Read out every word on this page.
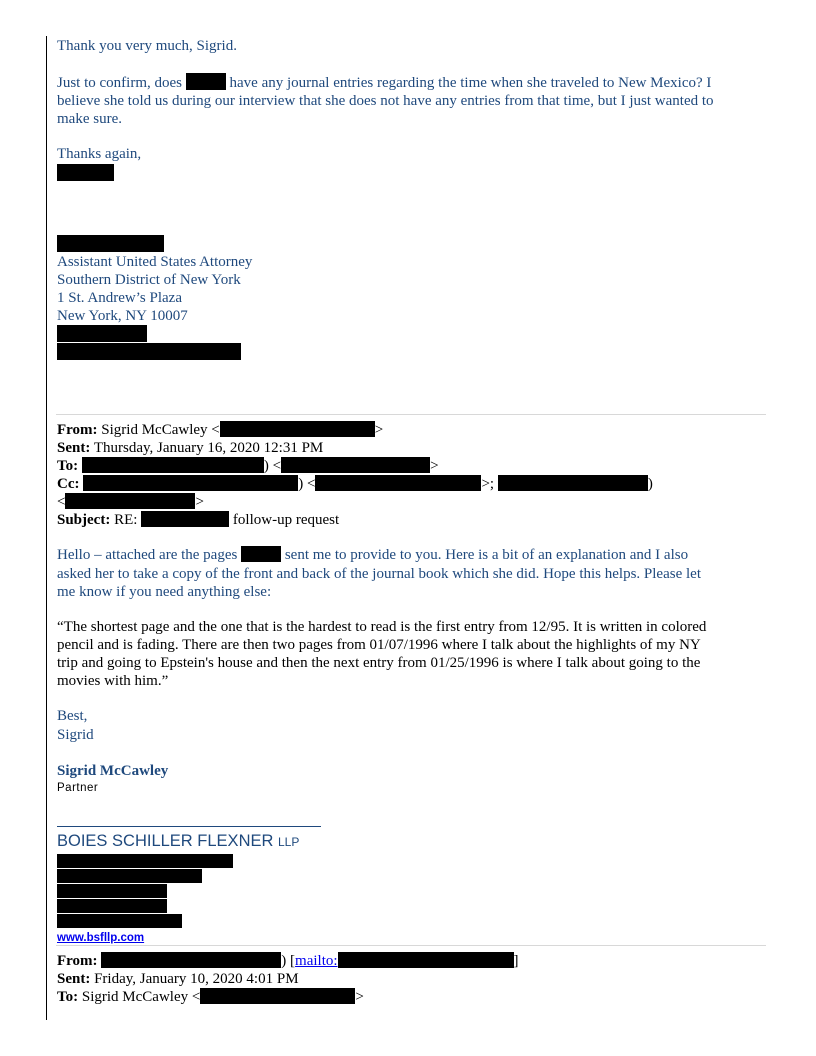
Thank you very much, Sigrid.
Just to confirm, does	have any journal entries regarding the time when she traveled to New Mexico? I
believe she told us during our interview that she does not have any entries from that time, but I just wanted to
make sure.
Thanks again,
Assistant United States Attorney
Southern District of New York
1 St. Andrew’s Plaza
New York, NY 10007
From: Sigrid McCawley <	>
Sent: Thursday, January 16, 2020 12:31 PM
To:	) <	>
Cc:	) <	>;	)
<	>
Subject: RE:	follow-up request
Hello – attached are the pages	sent me to provide to you. Here is a bit of an explanation and I also
asked her to take a copy of the front and back of the journal book which she did. Hope this helps. Please let
me know if you need anything else:
“The shortest page and the one that is the hardest to read is the first entry from 12/95. It is written in colored
pencil and is fading. There are then two pages from 01/07/1996 where I talk about the highlights of my NY
trip and going to Epstein's house and then the next entry from 01/25/1996 is where I talk about going to the
movies with him.”
Best,
Sigrid
Sigrid McCawley
Partner
BOIES SCHILLER FLEXNER LLP
www.bsfllp.com
From:	) [mailto:	]
Sent: Friday, January 10, 2020 4:01 PM
To: Sigrid McCawley <	>
